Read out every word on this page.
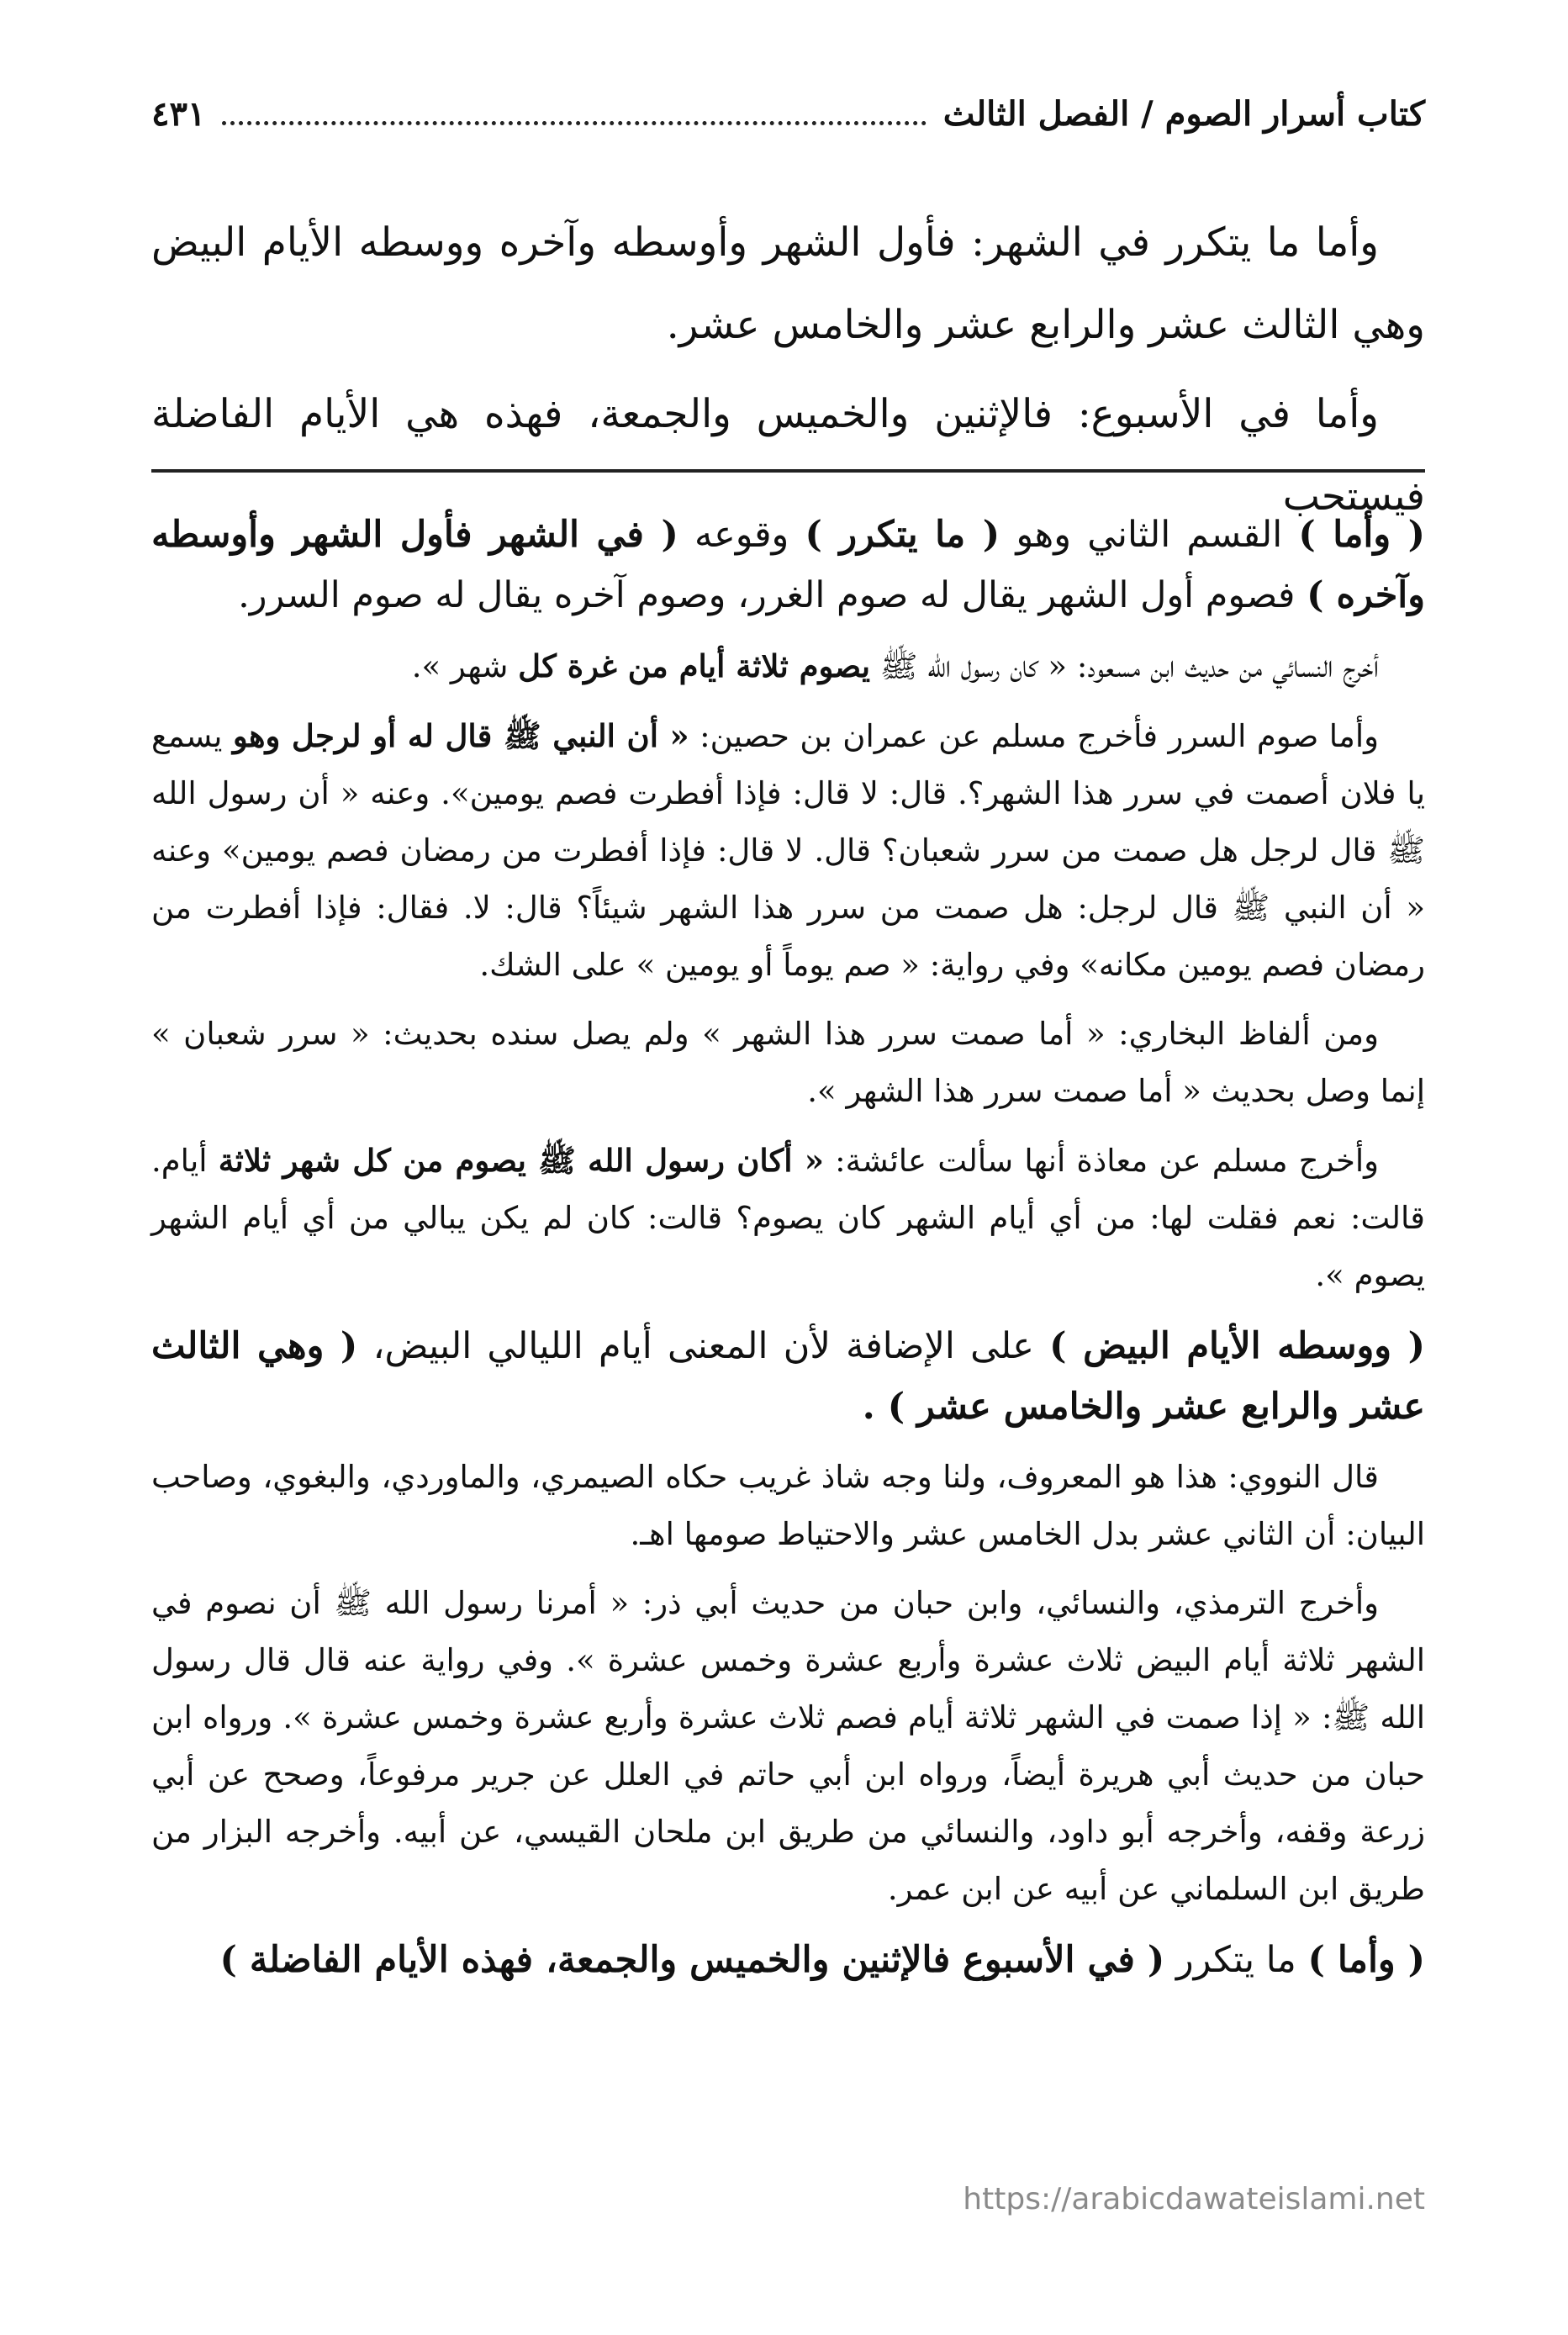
كتاب أسرار الصوم / الفصل الثالث
٤٣١

وأما ما يتكرر في الشهر: فأول الشهر وأوسطه وآخره ووسطه الأيام البيض وهي الثالث عشر والرابع عشر والخامس عشر.

وأما في الأسبوع: فالإثنين والخميس والجمعة، فهذه هي الأيام الفاضلة فيستحب

( وأما ) القسم الثاني وهو ( ما يتكرر ) وقوعه ( في الشهر فأول الشهر وأوسطه وآخره ) فصوم أول الشهر يقال له صوم الغرر، وصوم آخره يقال له صوم السرر.

أخرج النسائي من حديث ابن مسعود: « كان رسول الله ﷺ يصوم ثلاثة أيام من غرة كل شهر ».

وأما صوم السرر فأخرج مسلم عن عمران بن حصين: « أن النبي ﷺ قال له أو لرجل وهو يسمع يا فلان أصمت في سرر هذا الشهر؟. قال: لا قال: فإذا أفطرت فصم يومين». وعنه « أن رسول الله ﷺ قال لرجل هل صمت من سرر شعبان؟ قال. لا قال: فإذا أفطرت من رمضان فصم يومين» وعنه « أن النبي ﷺ قال لرجل: هل صمت من سرر هذا الشهر شيئاً؟ قال: لا. فقال: فإذا أفطرت من رمضان فصم يومين مكانه» وفي رواية: « صم يوماً أو يومين » على الشك.

ومن ألفاظ البخاري: « أما صمت سرر هذا الشهر » ولم يصل سنده بحديث: « سرر شعبان » إنما وصل بحديث « أما صمت سرر هذا الشهر ».

وأخرج مسلم عن معاذة أنها سألت عائشة: « أكان رسول الله ﷺ يصوم من كل شهر ثلاثة أيام. قالت: نعم فقلت لها: من أي أيام الشهر كان يصوم؟ قالت: كان لم يكن يبالي من أي أيام الشهر يصوم ».

( ووسطه الأيام البيض ) على الإضافة لأن المعنى أيام الليالي البيض، ( وهي الثالث عشر والرابع عشر والخامس عشر ) .

قال النووي: هذا هو المعروف، ولنا وجه شاذ غريب حكاه الصيمري، والماوردي، والبغوي، وصاحب البيان: أن الثاني عشر بدل الخامس عشر والاحتياط صومها اهـ.

وأخرج الترمذي، والنسائي، وابن حبان من حديث أبي ذر: « أمرنا رسول الله ﷺ أن نصوم في الشهر ثلاثة أيام البيض ثلاث عشرة وأربع عشرة وخمس عشرة ». وفي رواية عنه قال قال رسول الله ﷺ: « إذا صمت في الشهر ثلاثة أيام فصم ثلاث عشرة وأربع عشرة وخمس عشرة ». ورواه ابن حبان من حديث أبي هريرة أيضاً، ورواه ابن أبي حاتم في العلل عن جرير مرفوعاً، وصحح عن أبي زرعة وقفه، وأخرجه أبو داود، والنسائي من طريق ابن ملحان القيسي، عن أبيه. وأخرجه البزار من طريق ابن السلماني عن أبيه عن ابن عمر.

( وأما ) ما يتكرر ( في الأسبوع فالإثنين والخميس والجمعة، فهذه الأيام الفاضلة )

https://arabicdawateislami.net
